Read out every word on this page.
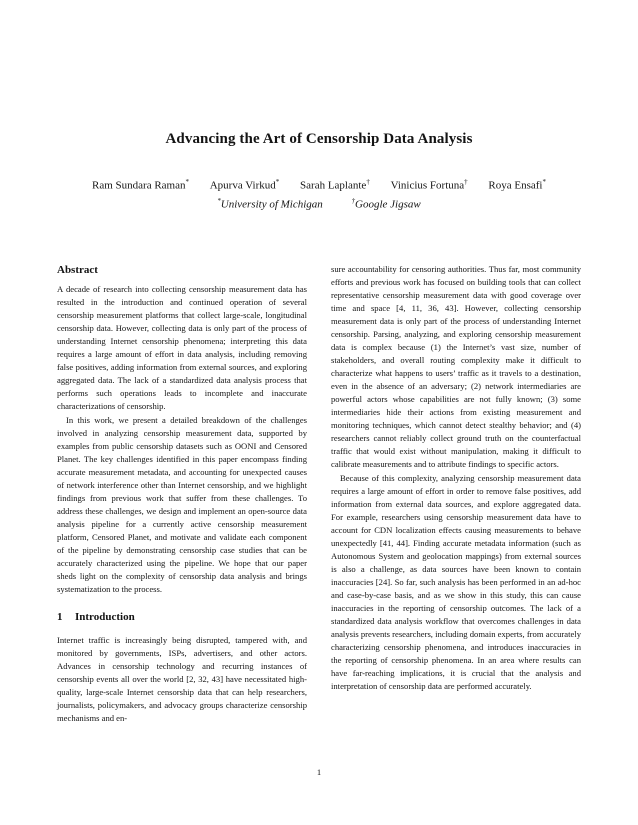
Advancing the Art of Censorship Data Analysis
Ram Sundara Raman* Apurva Virkud* Sarah Laplante† Vinicius Fortuna† Roya Ensafi*
*University of Michigan	†Google Jigsaw
Abstract

A decade of research into collecting censorship measurement data has resulted in the introduction and continued operation of several censorship measurement platforms that collect large-scale, longitudinal censorship data. However, collecting data is only part of the process of understanding Internet censorship phenomena; interpreting this data requires a large amount of effort in data analysis, including removing false positives, adding information from external sources, and exploring aggregated data. The lack of a standardized data analysis process that performs such operations leads to incomplete and inaccurate characterizations of censorship.

In this work, we present a detailed breakdown of the challenges involved in analyzing censorship measurement data, supported by examples from public censorship datasets such as OONI and Censored Planet. The key challenges identified in this paper encompass finding accurate measurement metadata, and accounting for unexpected causes of network interference other than Internet censorship, and we highlight findings from previous work that suffer from these challenges. To address these challenges, we design and implement an open-source data analysis pipeline for a currently active censorship measurement platform, Censored Planet, and motivate and validate each component of the pipeline by demonstrating censorship case studies that can be accurately characterized using the pipeline. We hope that our paper sheds light on the complexity of censorship data analysis and brings systematization to the process.

1 Introduction

Internet traffic is increasingly being disrupted, tampered with, and monitored by governments, ISPs, advertisers, and other actors. Advances in censorship technology and recurring instances of censorship events all over the world [2, 32, 43] have necessitated high-quality, large-scale Internet censorship data that can help researchers, journalists, policymakers, and advocacy groups characterize censorship mechanisms and en-

sure accountability for censoring authorities. Thus far, most community efforts and previous work has focused on building tools that can collect representative censorship measurement data with good coverage over time and space [4, 11, 36, 43]. However, collecting censorship measurement data is only part of the process of understanding Internet censorship. Parsing, analyzing, and exploring censorship measurement data is complex because (1) the Internet’s vast size, number of stakeholders, and overall routing complexity make it difficult to characterize what happens to users’ traffic as it travels to a destination, even in the absence of an adversary; (2) network intermediaries are powerful actors whose capabilities are not fully known; (3) some intermediaries hide their actions from existing measurement and monitoring techniques, which cannot detect stealthy behavior; and (4) researchers cannot reliably collect ground truth on the counterfactual traffic that would exist without manipulation, making it difficult to calibrate measurements and to attribute findings to specific actors.

Because of this complexity, analyzing censorship measurement data requires a large amount of effort in order to remove false positives, add information from external data sources, and explore aggregated data. For example, researchers using censorship measurement data have to account for CDN localization effects causing measurements to behave unexpectedly [41, 44]. Finding accurate metadata information (such as Autonomous System and geolocation mappings) from external sources is also a challenge, as data sources have been known to contain inaccuracies [24]. So far, such analysis has been performed in an ad-hoc and case-by-case basis, and as we show in this study, this can cause inaccuracies in the reporting of censorship outcomes. The lack of a standardized data analysis workflow that overcomes challenges in data analysis prevents researchers, including domain experts, from accurately characterizing censorship phenomena, and introduces inaccuracies in the reporting of censorship phenomena. In an area where results can have far-reaching implications, it is crucial that the analysis and interpretation of censorship data are performed accurately.

1
